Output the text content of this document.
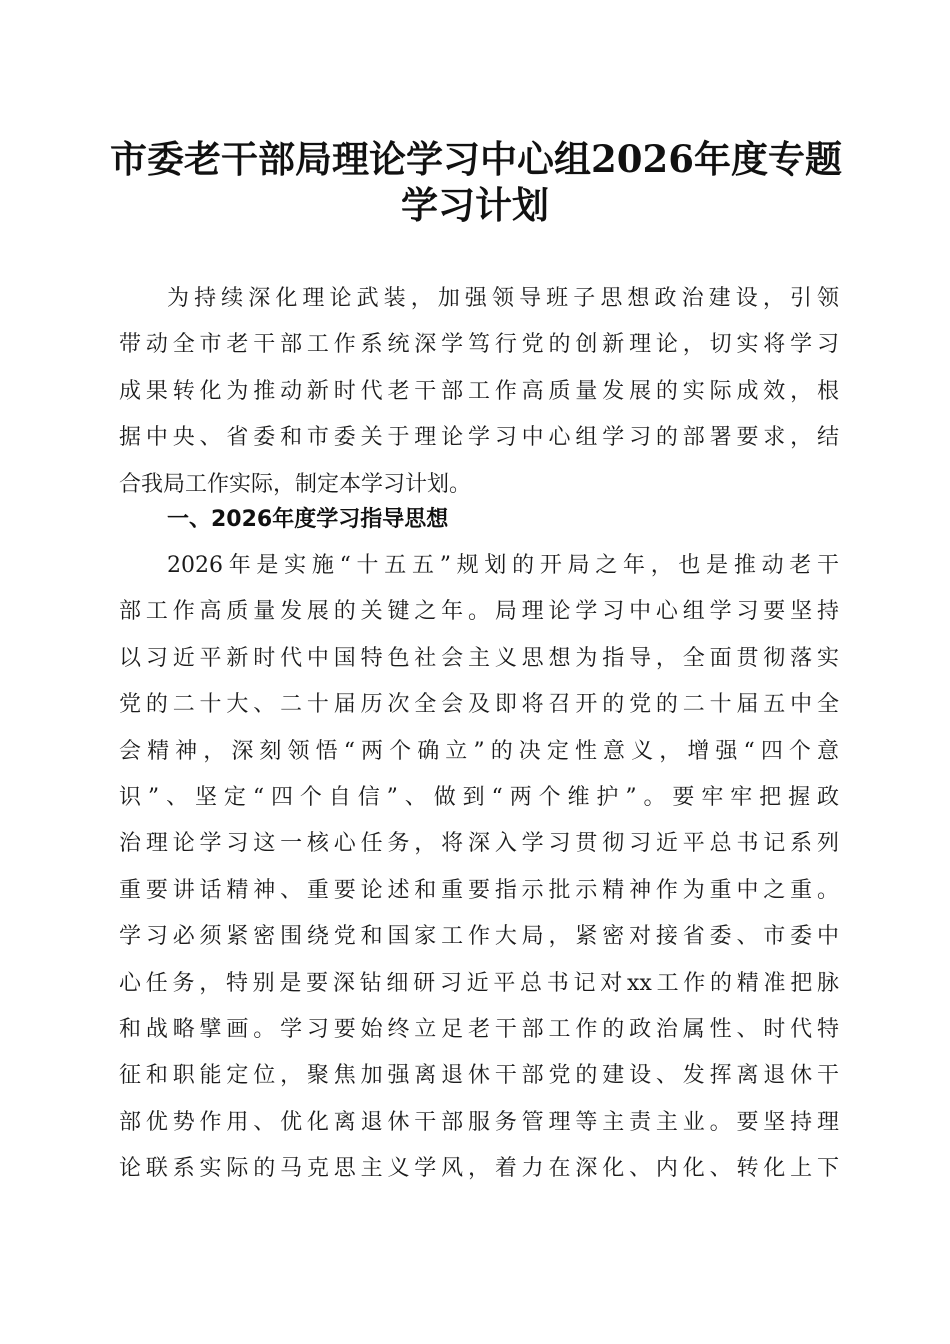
市委老干部局理论学习中心组2026年度专题
学习计划
为持续深化理论武装，加强领导班子思想政治建设，引领
带动全市老干部工作系统深学笃行党的创新理论，切实将学习
成果转化为推动新时代老干部工作高质量发展的实际成效，根
据中央、省委和市委关于理论学习中心组学习的部署要求，结
合我局工作实际，制定本学习计划。
一、2026年度学习指导思想
2026年是实施“十五五”规划的开局之年，也是推动老干
部工作高质量发展的关键之年。局理论学习中心组学习要坚持
以习近平新时代中国特色社会主义思想为指导，全面贯彻落实
党的二十大、二十届历次全会及即将召开的党的二十届五中全
会精神，深刻领悟“两个确立”的决定性意义，增强“四个意
识”、坚定“四个自信”、做到“两个维护”。要牢牢把握政
治理论学习这一核心任务，将深入学习贯彻习近平总书记系列
重要讲话精神、重要论述和重要指示批示精神作为重中之重。
学习必须紧密围绕党和国家工作大局，紧密对接省委、市委中
心任务，特别是要深钻细研习近平总书记对xx工作的精准把脉
和战略擘画。学习要始终立足老干部工作的政治属性、时代特
征和职能定位，聚焦加强离退休干部党的建设、发挥离退休干
部优势作用、优化离退休干部服务管理等主责主业。要坚持理
论联系实际的马克思主义学风，着力在深化、内化、转化上下
